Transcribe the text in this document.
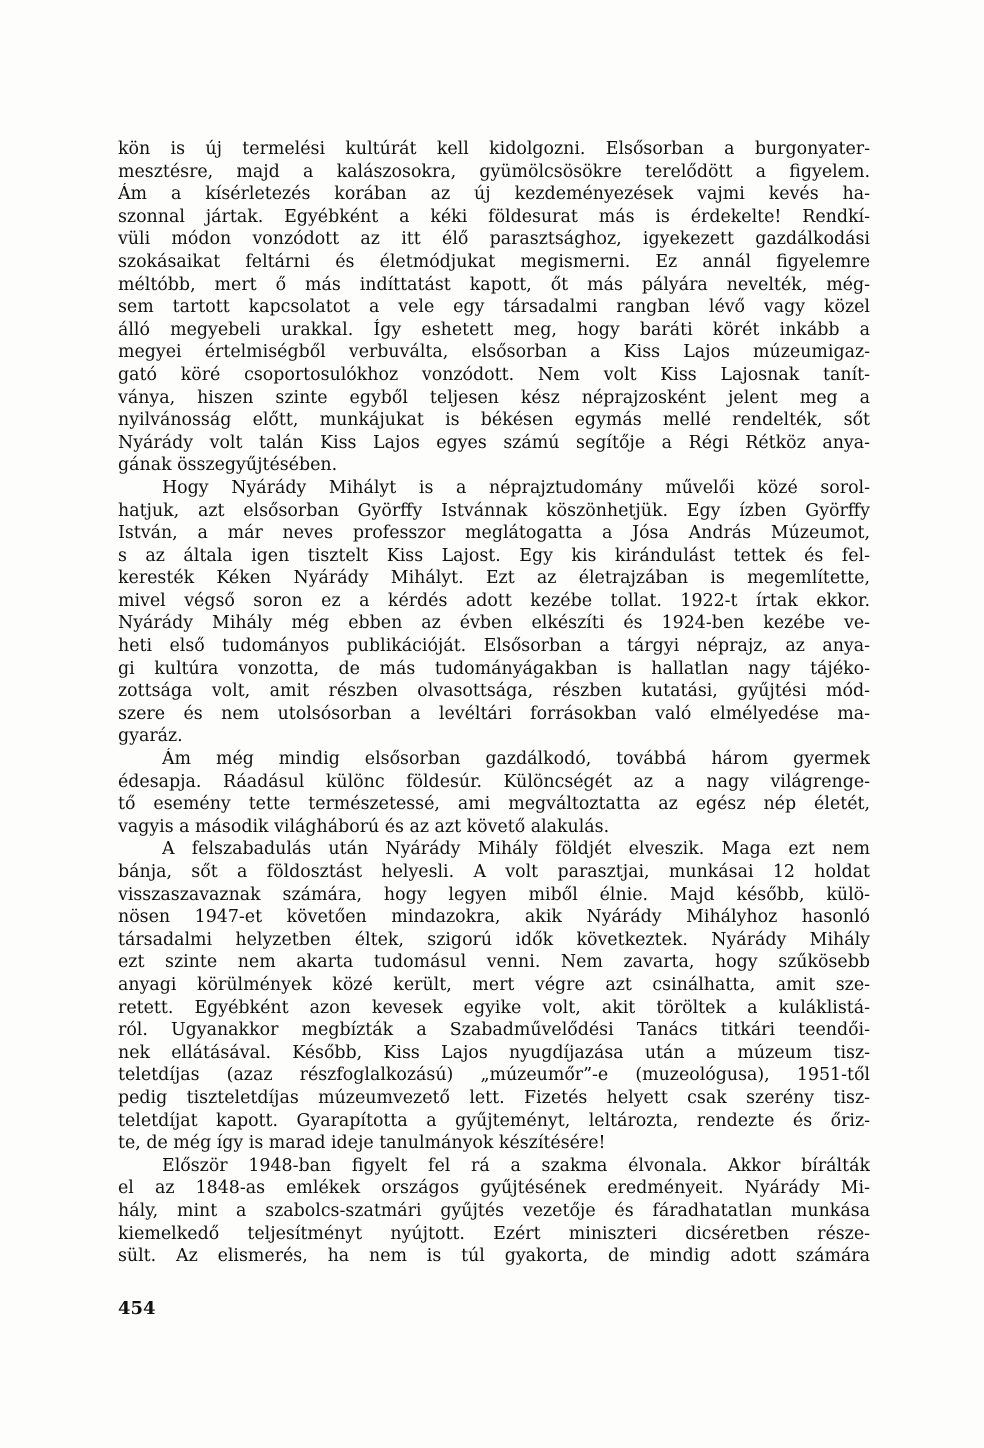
kön is új termelési kultúrát kell kidolgozni. Elsősorban a burgonyater-
mesztésre, majd a kalászosokra, gyümölcsösökre terelődött a figyelem.
Ám a kísérletezés korában az új kezdeményezések vajmi kevés ha-
szonnal jártak. Egyébként a kéki földesurat más is érdekelte! Rendkí-
vüli módon vonzódott az itt élő parasztsághoz, igyekezett gazdálkodási
szokásaikat feltárni és életmódjukat megismerni. Ez annál figyelemre
méltóbb, mert ő más indíttatást kapott, őt más pályára nevelték, még-
sem tartott kapcsolatot a vele egy társadalmi rangban lévő vagy közel
álló megyebeli urakkal. Így eshetett meg, hogy baráti körét inkább a
megyei értelmiségből verbuválta, elsősorban a Kiss Lajos múzeumigaz-
gató köré csoportosulókhoz vonzódott. Nem volt Kiss Lajosnak tanít-
ványa, hiszen szinte egyből teljesen kész néprajzosként jelent meg a
nyilvánosság előtt, munkájukat is békésen egymás mellé rendelték, sőt
Nyárády volt talán Kiss Lajos egyes számú segítője a Régi Rétköz anya-
gának összegyűjtésében.
Hogy Nyárády Mihályt is a néprajztudomány művelői közé sorol-
hatjuk, azt elsősorban Györffy Istvánnak köszönhetjük. Egy ízben Györffy
István, a már neves professzor meglátogatta a Jósa András Múzeumot,
s az általa igen tisztelt Kiss Lajost. Egy kis kirándulást tettek és fel-
keresték Kéken Nyárády Mihályt. Ezt az életrajzában is megemlítette,
mivel végső soron ez a kérdés adott kezébe tollat. 1922-t írtak ekkor.
Nyárády Mihály még ebben az évben elkészíti és 1924-ben kezébe ve-
heti első tudományos publikációját. Elsősorban a tárgyi néprajz, az anya-
gi kultúra vonzotta, de más tudományágakban is hallatlan nagy tájéko-
zottsága volt, amit részben olvasottsága, részben kutatási, gyűjtési mód-
szere és nem utolsósorban a levéltári forrásokban való elmélyedése ma-
gyaráz.
Ám még mindig elsősorban gazdálkodó, továbbá három gyermek
édesapja. Ráadásul különc földesúr. Különcségét az a nagy világrenge-
tő esemény tette természetessé, ami megváltoztatta az egész nép életét,
vagyis a második világháború és az azt követő alakulás.
A felszabadulás után Nyárády Mihály földjét elveszik. Maga ezt nem
bánja, sőt a földosztást helyesli. A volt parasztjai, munkásai 12 holdat
visszaszavaznak számára, hogy legyen miből élnie. Majd később, külö-
nösen 1947-et követően mindazokra, akik Nyárády Mihályhoz hasonló
társadalmi helyzetben éltek, szigorú idők következtek. Nyárády Mihály
ezt szinte nem akarta tudomásul venni. Nem zavarta, hogy szűkösebb
anyagi körülmények közé került, mert végre azt csinálhatta, amit sze-
retett. Egyébként azon kevesek egyike volt, akit töröltek a kuláklistá-
ról. Ugyanakkor megbízták a Szabadművelődési Tanács titkári teendői-
nek ellátásával. Később, Kiss Lajos nyugdíjazása után a múzeum tisz-
teletdíjas (azaz részfoglalkozású) „múzeumőr”-e (muzeológusa), 1951-től
pedig tiszteletdíjas múzeumvezető lett. Fizetés helyett csak szerény tisz-
teletdíjat kapott. Gyarapította a gyűjteményt, leltározta, rendezte és őriz-
te, de még így is marad ideje tanulmányok készítésére!
Először 1948-ban figyelt fel rá a szakma élvonala. Akkor bírálták
el az 1848-as emlékek országos gyűjtésének eredményeit. Nyárády Mi-
hály, mint a szabolcs-szatmári gyűjtés vezetője és fáradhatatlan munkása
kiemelkedő teljesítményt nyújtott. Ezért miniszteri dicséretben része-
sült. Az elismerés, ha nem is túl gyakorta, de mindig adott számára
454
